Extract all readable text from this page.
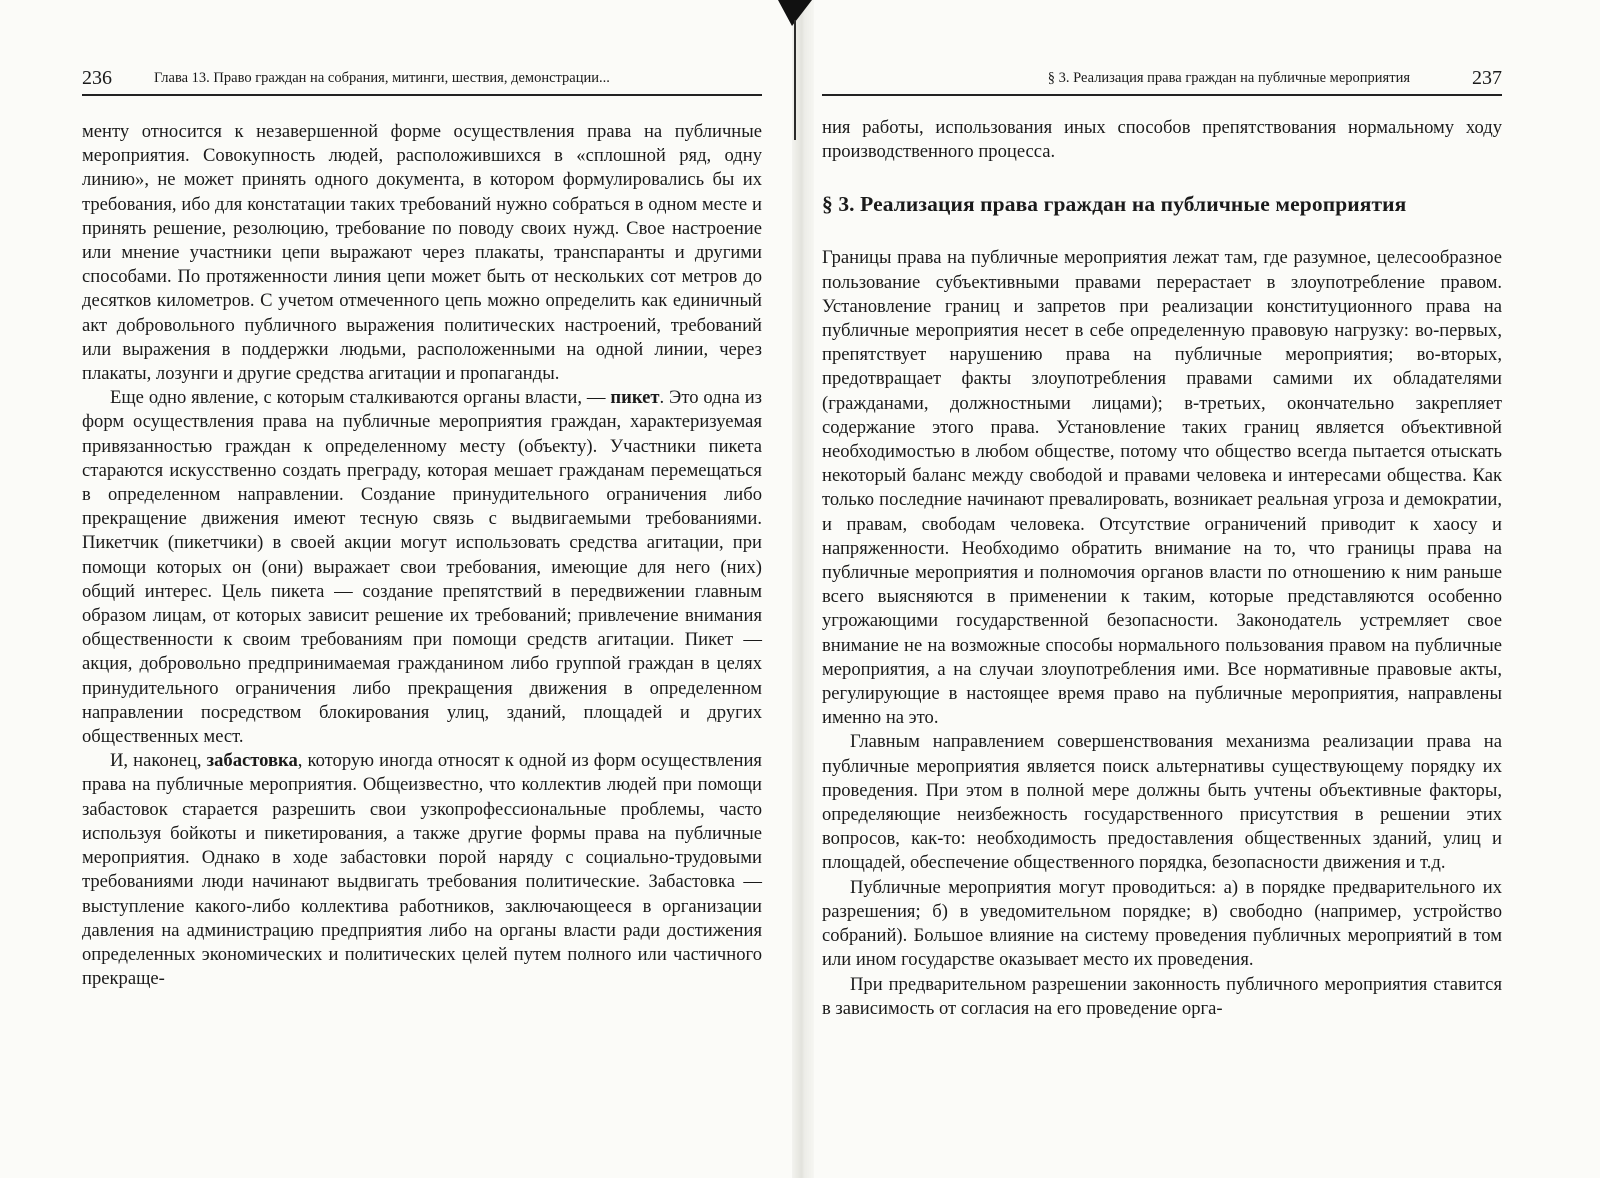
236	Глава 13. Право граждан на собрания, митинги, шествия, демонстрации...

менту относится к незавершенной форме осуществления права на публичные мероприятия. Совокупность людей, расположившихся в «сплошной ряд, одну линию», не может принять одного документа, в котором формулировались бы их требования, ибо для констатации таких требований нужно собраться в одном месте и принять решение, резолюцию, требование по поводу своих нужд. Свое настроение или мнение участники цепи выражают через плакаты, транспаранты и другими способами. По протяженности линия цепи может быть от нескольких сот метров до десятков километров. С учетом отмеченного цепь можно определить как единичный акт добровольного публичного выражения политических настроений, требований или выражения в поддержки людьми, расположенными на одной линии, через плакаты, лозунги и другие средства агитации и пропаганды.

Еще одно явление, с которым сталкиваются органы власти, — пикет. Это одна из форм осуществления права на публичные мероприятия граждан, характеризуемая привязанностью граждан к определенному месту (объекту). Участники пикета стараются искусственно создать преграду, которая мешает гражданам перемещаться в определенном направлении. Создание принудительного ограничения либо прекращение движения имеют тесную связь с выдвигаемыми требованиями. Пикетчик (пикетчики) в своей акции могут использовать средства агитации, при помощи которых он (они) выражает свои требования, имеющие для него (них) общий интерес. Цель пикета — создание препятствий в передвижении главным образом лицам, от которых зависит решение их требований; привлечение внимания общественности к своим требованиям при помощи средств агитации. Пикет — акция, добровольно предпринимаемая гражданином либо группой граждан в целях принудительного ограничения либо прекращения движения в определенном направлении посредством блокирования улиц, зданий, площадей и других общественных мест.

И, наконец, забастовка, которую иногда относят к одной из форм осуществления права на публичные мероприятия. Общеизвестно, что коллектив людей при помощи забастовок старается разрешить свои узкопрофессиональные проблемы, часто используя бойкоты и пикетирования, а также другие формы права на публичные мероприятия. Однако в ходе забастовки порой наряду с социально-трудовыми требованиями люди начинают выдвигать требования политические. Забастовка — выступление какого-либо коллектива работников, заключающееся в организации давления на администрацию предприятия либо на органы власти ради достижения определенных экономических и политических целей путем полного или частичного прекраще-

§ 3. Реализация права граждан на публичные мероприятия	237

ния работы, использования иных способов препятствования нормальному ходу производственного процесса.

§ 3. Реализация права граждан на публичные мероприятия

Границы права на публичные мероприятия лежат там, где разумное, целесообразное пользование субъективными правами перерастает в злоупотребление правом. Установление границ и запретов при реализации конституционного права на публичные мероприятия несет в себе определенную правовую нагрузку: во-первых, препятствует нарушению права на публичные мероприятия; во-вторых, предотвращает факты злоупотребления правами самими их обладателями (гражданами, должностными лицами); в-третьих, окончательно закрепляет содержание этого права. Установление таких границ является объективной необходимостью в любом обществе, потому что общество всегда пытается отыскать некоторый баланс между свободой и правами человека и интересами общества. Как только последние начинают превалировать, возникает реальная угроза и демократии, и правам, свободам человека. Отсутствие ограничений приводит к хаосу и напряженности. Необходимо обратить внимание на то, что границы права на публичные мероприятия и полномочия органов власти по отношению к ним раньше всего выясняются в применении к таким, которые представляются особенно угрожающими государственной безопасности. Законодатель устремляет свое внимание не на возможные способы нормального пользования правом на публичные мероприятия, а на случаи злоупотребления ими. Все нормативные правовые акты, регулирующие в настоящее время право на публичные мероприятия, направлены именно на это.

Главным направлением совершенствования механизма реализации права на публичные мероприятия является поиск альтернативы существующему порядку их проведения. При этом в полной мере должны быть учтены объективные факторы, определяющие неизбежность государственного присутствия в решении этих вопросов, как-то: необходимость предоставления общественных зданий, улиц и площадей, обеспечение общественного порядка, безопасности движения и т.д.

Публичные мероприятия могут проводиться: а) в порядке предварительного их разрешения; б) в уведомительном порядке; в) свободно (например, устройство собраний). Большое влияние на систему проведения публичных мероприятий в том или ином государстве оказывает место их проведения.

При предварительном разрешении законность публичного мероприятия ставится в зависимость от согласия на его проведение орга-
